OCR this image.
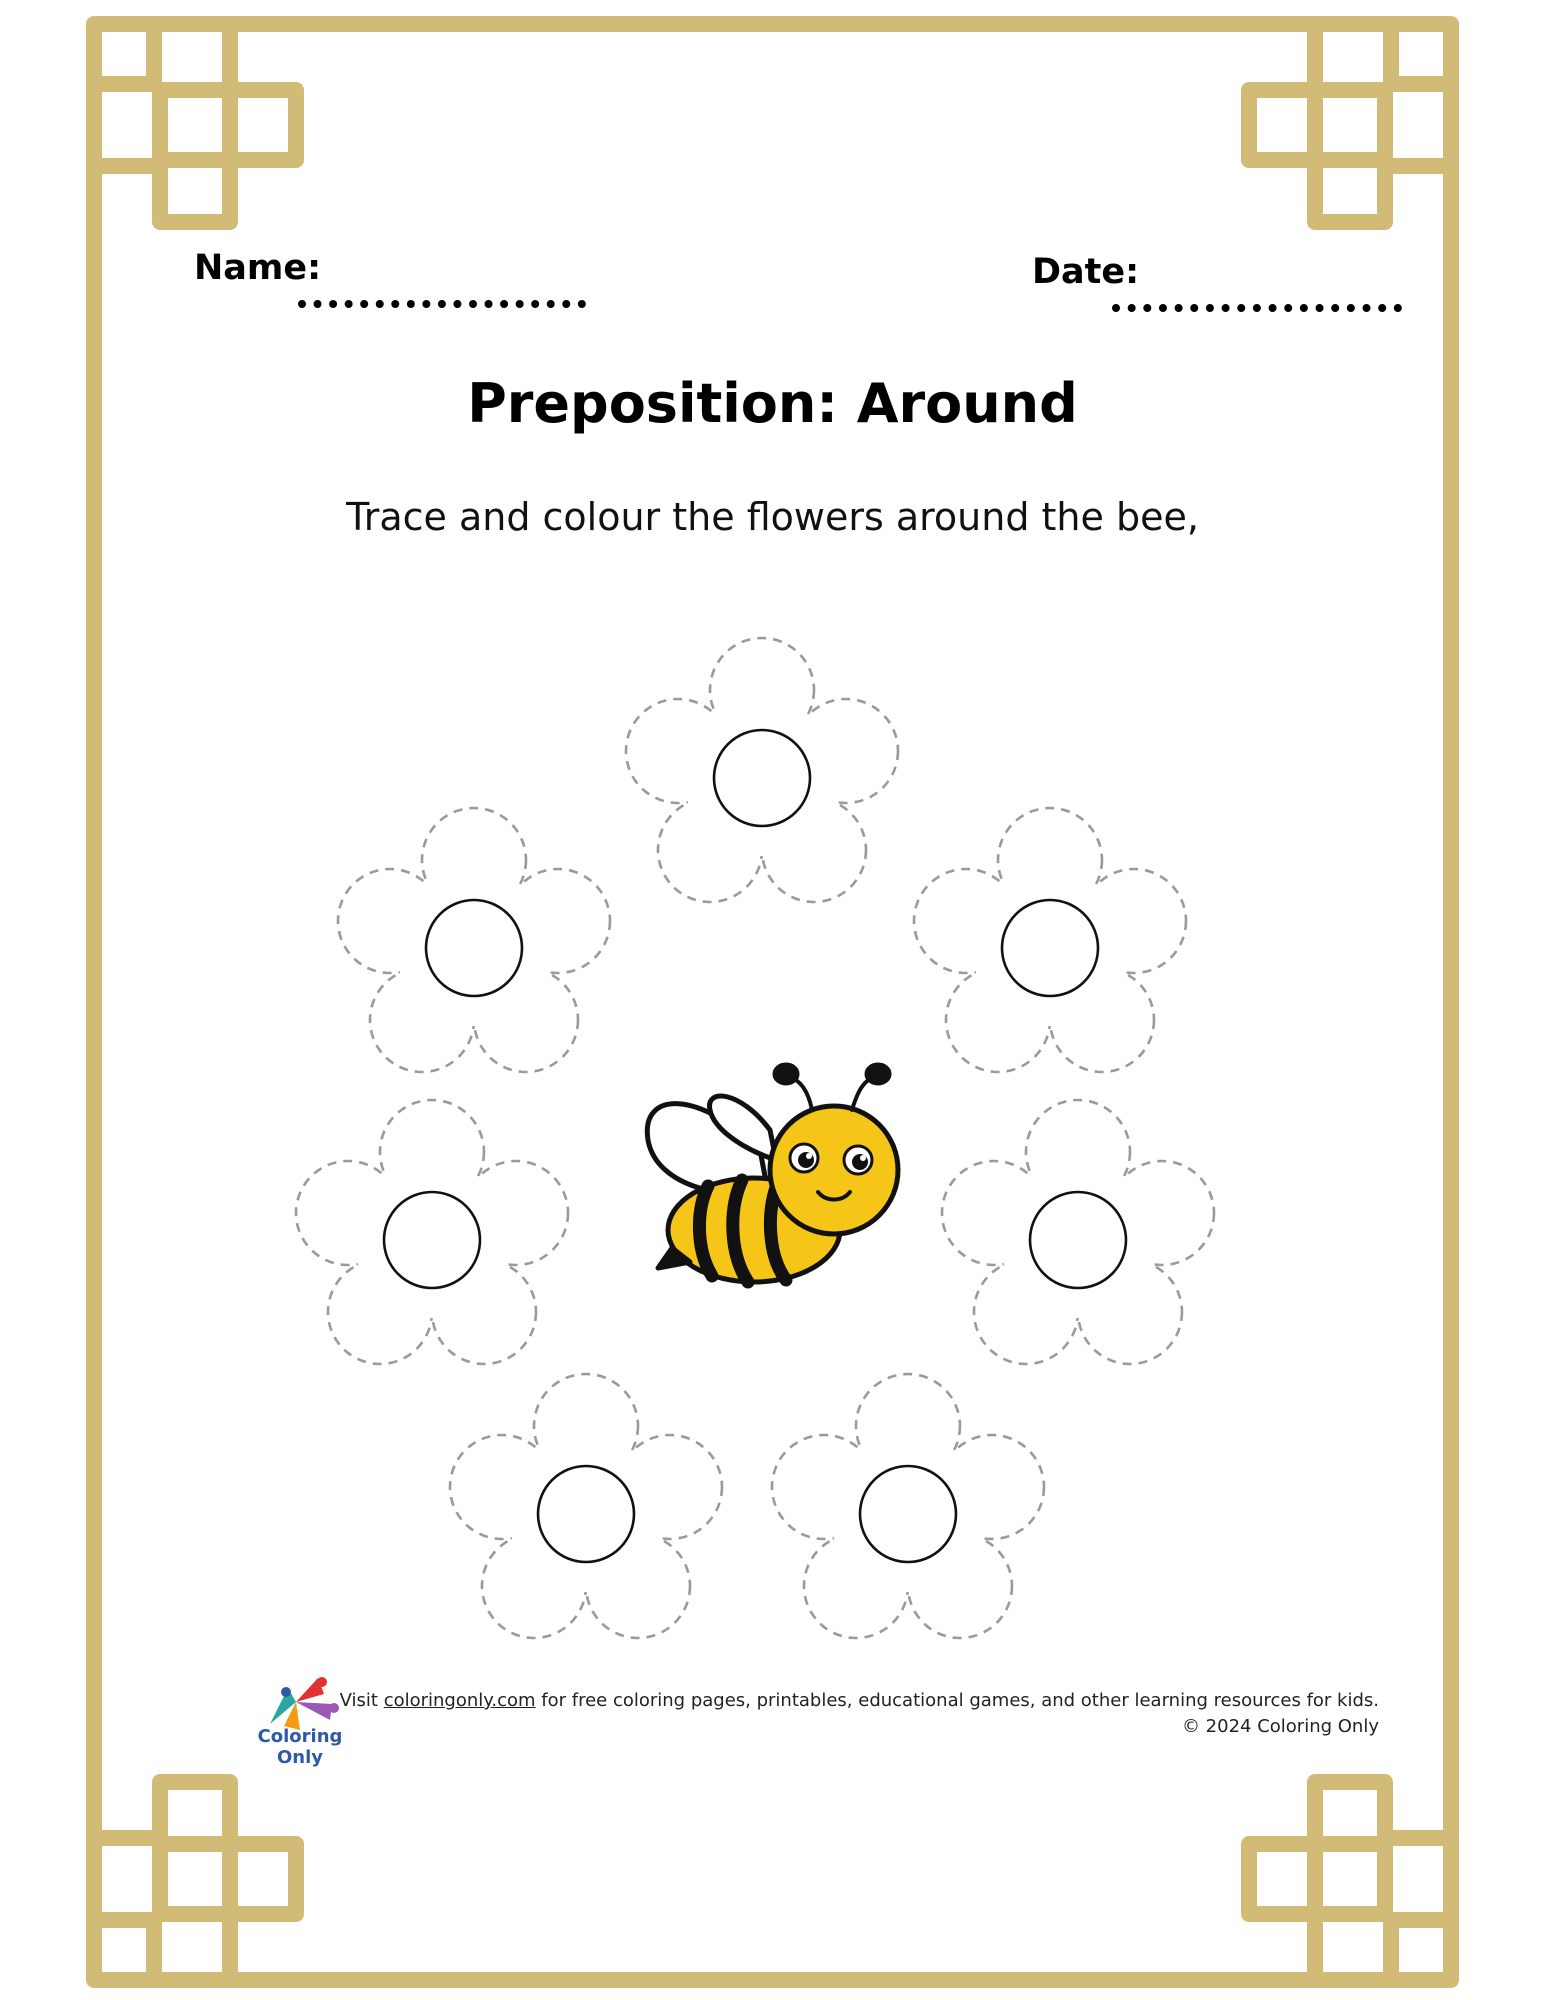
Name:	Date:
Preposition: Around
Trace and colour the flowers around the bee,
Coloring Only
Visit coloringonly.com for free coloring pages, printables, educational games, and other learning resources for kids.
© 2024 Coloring Only
